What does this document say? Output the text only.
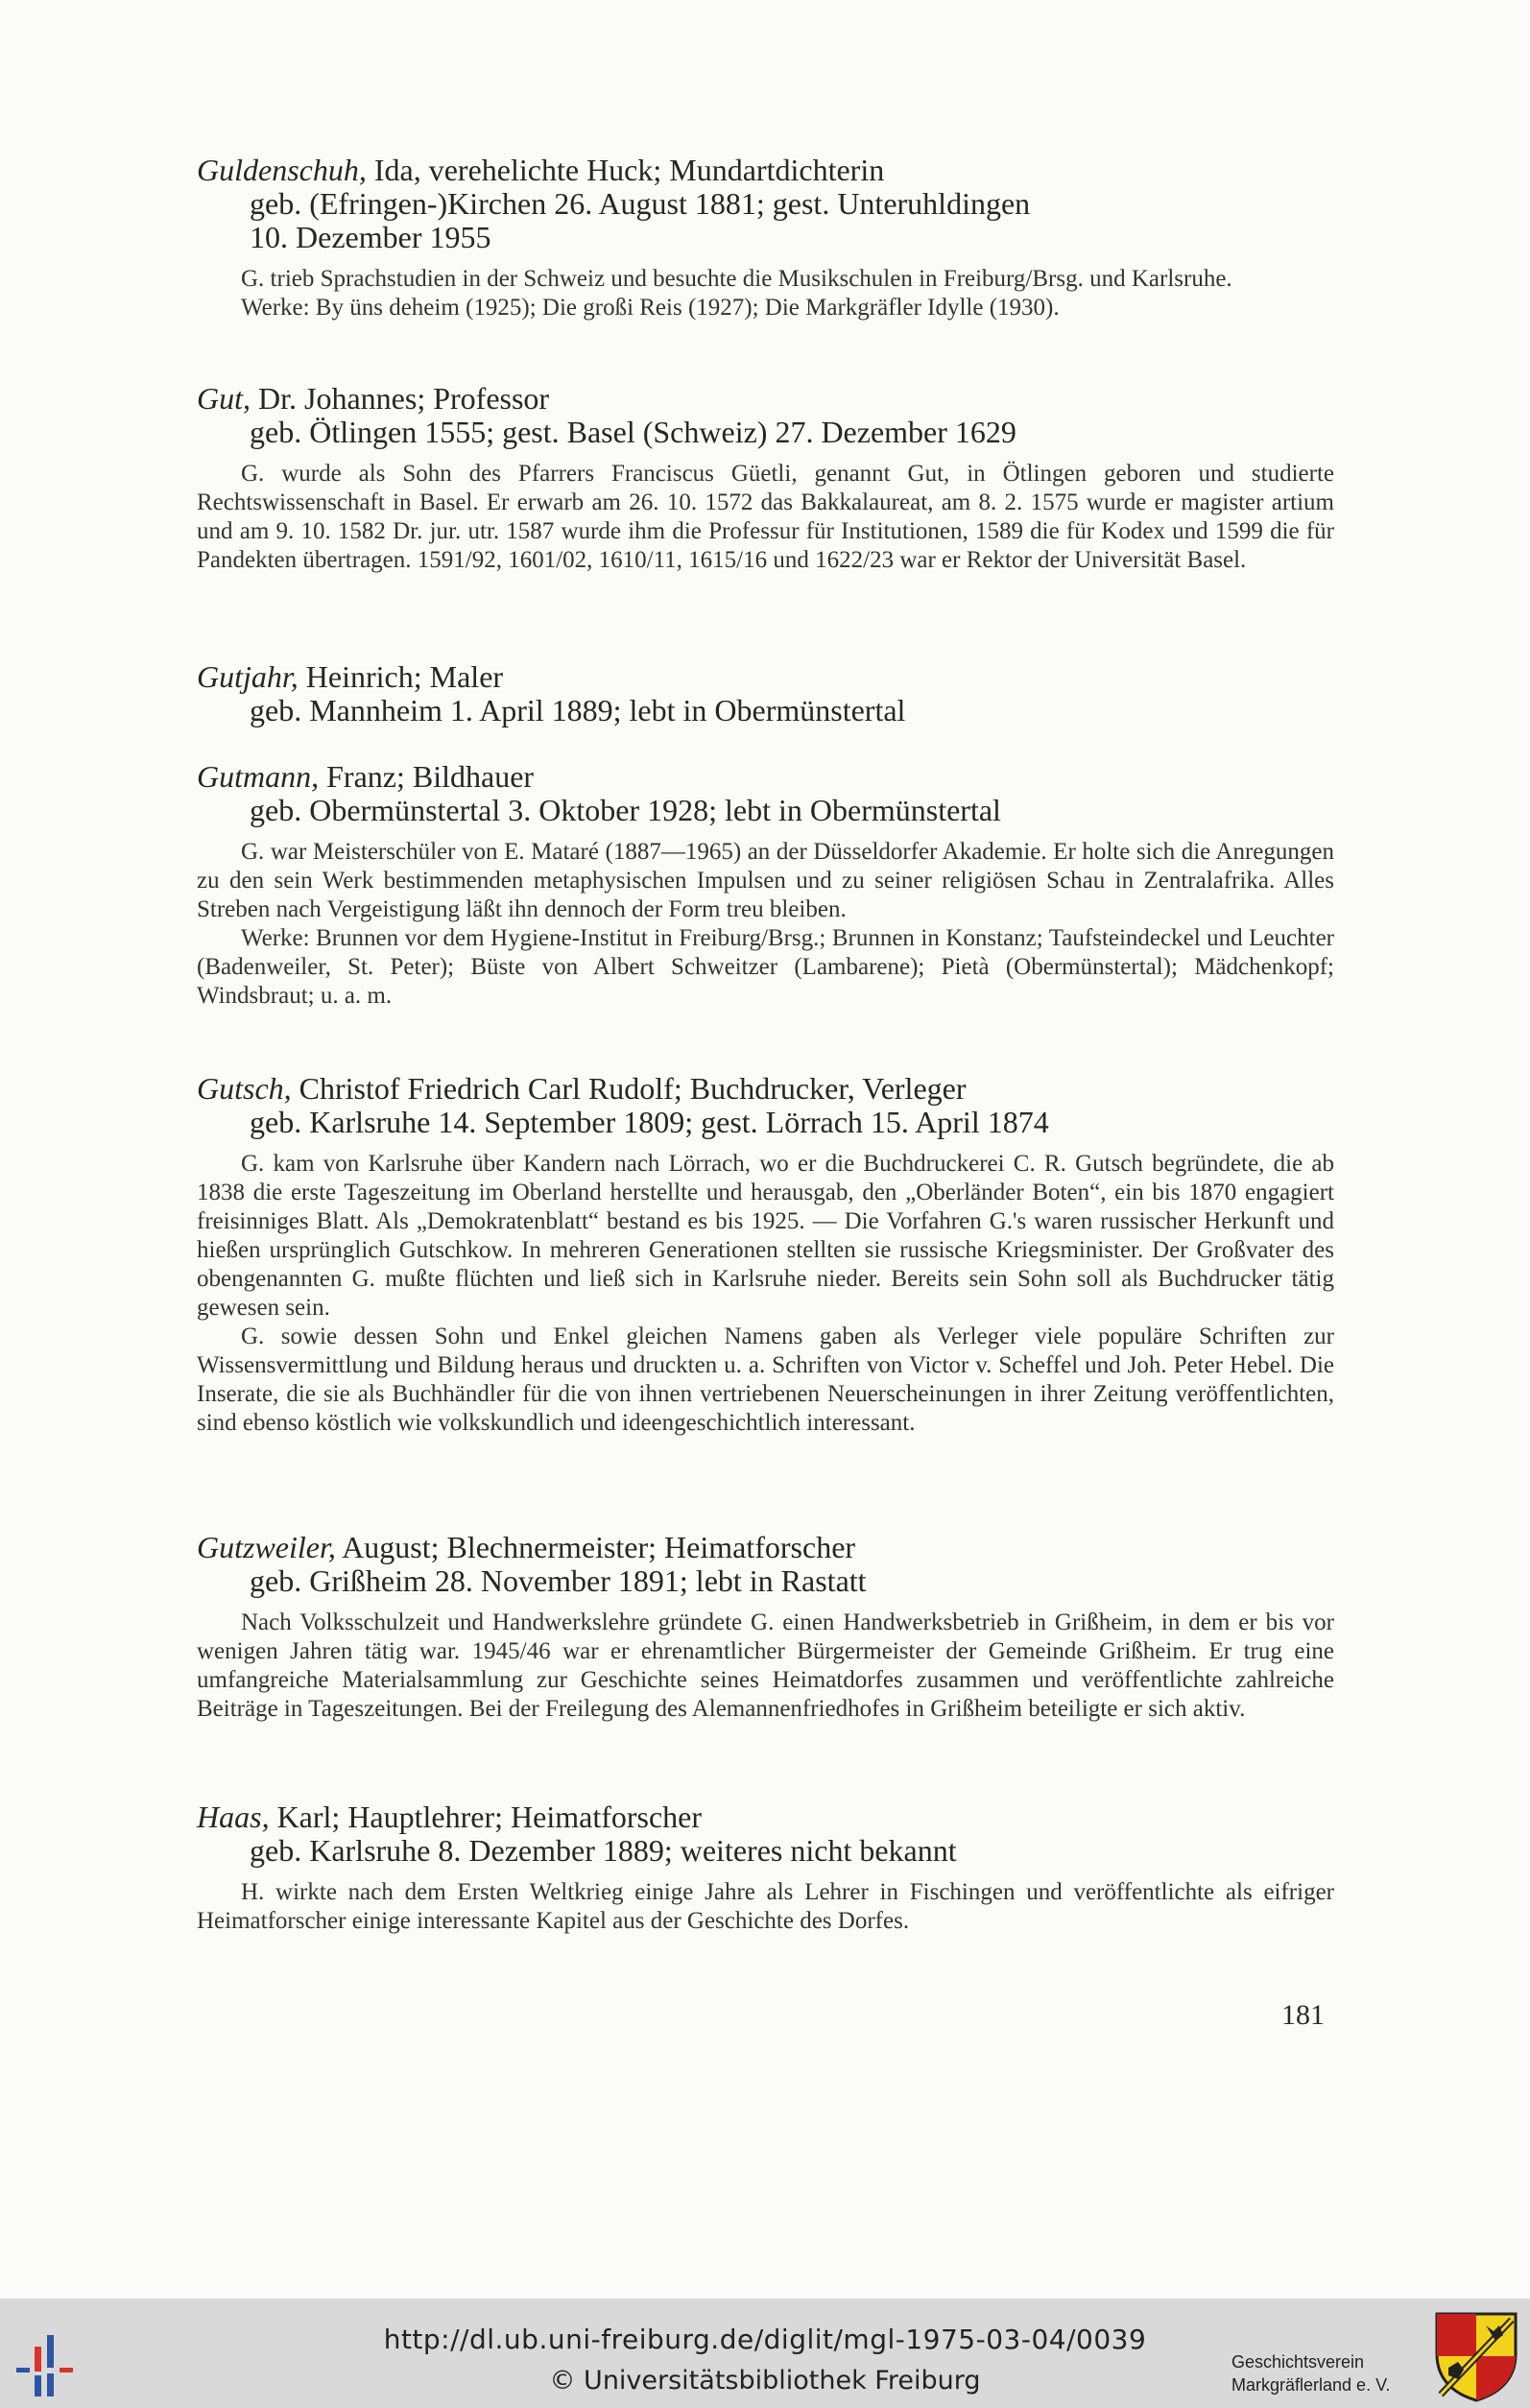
Guldenschuh, Ida, verehelichte Huck; Mundartdichterin

geb. (Efringen-)Kirchen 26. August 1881; gest. Unteruhldingen

10. Dezember 1955

G. trieb Sprachstudien in der Schweiz und besuchte die Musikschulen in Freiburg/Brsg. und Karlsruhe.

Werke: By üns deheim (1925); Die großi Reis (1927); Die Markgräfler Idylle (1930).

Gut, Dr. Johannes; Professor

geb. Ötlingen 1555; gest. Basel (Schweiz) 27. Dezember 1629

G. wurde als Sohn des Pfarrers Franciscus Güetli, genannt Gut, in Ötlingen geboren und studierte Rechtswissenschaft in Basel. Er erwarb am 26. 10. 1572 das Bakkalaureat, am 8. 2. 1575 wurde er magister artium und am 9. 10. 1582 Dr. jur. utr. 1587 wurde ihm die Professur für Institutionen, 1589 die für Kodex und 1599 die für Pandekten übertragen. 1591/92, 1601/02, 1610/11, 1615/16 und 1622/23 war er Rektor der Universität Basel.

Gutjahr, Heinrich; Maler

geb. Mannheim 1. April 1889; lebt in Obermünstertal

Gutmann, Franz; Bildhauer

geb. Obermünstertal 3. Oktober 1928; lebt in Obermünstertal

G. war Meisterschüler von E. Mataré (1887—1965) an der Düsseldorfer Akademie. Er holte sich die Anregungen zu den sein Werk bestimmenden metaphysischen Impulsen und zu seiner religiösen Schau in Zentralafrika. Alles Streben nach Vergeistigung läßt ihn dennoch der Form treu bleiben.

Werke: Brunnen vor dem Hygiene-Institut in Freiburg/Brsg.; Brunnen in Konstanz; Taufsteindeckel und Leuchter (Badenweiler, St. Peter); Büste von Albert Schweitzer (Lambarene); Pietà (Obermünstertal); Mädchenkopf; Windsbraut; u. a. m.

Gutsch, Christof Friedrich Carl Rudolf; Buchdrucker, Verleger

geb. Karlsruhe 14. September 1809; gest. Lörrach 15. April 1874

G. kam von Karlsruhe über Kandern nach Lörrach, wo er die Buchdruckerei C. R. Gutsch begründete, die ab 1838 die erste Tageszeitung im Oberland herstellte und herausgab, den „Oberländer Boten“, ein bis 1870 engagiert freisinniges Blatt. Als „Demokratenblatt“ bestand es bis 1925. — Die Vorfahren G.'s waren russischer Herkunft und hießen ursprünglich Gutschkow. In mehreren Generationen stellten sie russische Kriegsminister. Der Großvater des obengenannten G. mußte flüchten und ließ sich in Karlsruhe nieder. Bereits sein Sohn soll als Buchdrucker tätig gewesen sein.

G. sowie dessen Sohn und Enkel gleichen Namens gaben als Verleger viele populäre Schriften zur Wissensvermittlung und Bildung heraus und druckten u. a. Schriften von Victor v. Scheffel und Joh. Peter Hebel. Die Inserate, die sie als Buchhändler für die von ihnen vertriebenen Neuerscheinungen in ihrer Zeitung veröffentlichten, sind ebenso köstlich wie volkskundlich und ideengeschichtlich interessant.

Gutzweiler, August; Blechnermeister; Heimatforscher

geb. Grißheim 28. November 1891; lebt in Rastatt

Nach Volksschulzeit und Handwerkslehre gründete G. einen Handwerksbetrieb in Grißheim, in dem er bis vor wenigen Jahren tätig war. 1945/46 war er ehrenamtlicher Bürgermeister der Gemeinde Grißheim. Er trug eine umfangreiche Materialsammlung zur Geschichte seines Heimatdorfes zusammen und veröffentlichte zahlreiche Beiträge in Tageszeitungen. Bei der Freilegung des Alemannenfriedhofes in Grißheim beteiligte er sich aktiv.

Haas, Karl; Hauptlehrer; Heimatforscher

geb. Karlsruhe 8. Dezember 1889; weiteres nicht bekannt

H. wirkte nach dem Ersten Weltkrieg einige Jahre als Lehrer in Fischingen und veröffentlichte als eifriger Heimatforscher einige interessante Kapitel aus der Geschichte des Dorfes.

181
http://dl.ub.uni-freiburg.de/diglit/mgl-1975-03-04/0039
© Universitätsbibliothek Freiburg
Geschichtsverein
Markgräflerland e. V.
